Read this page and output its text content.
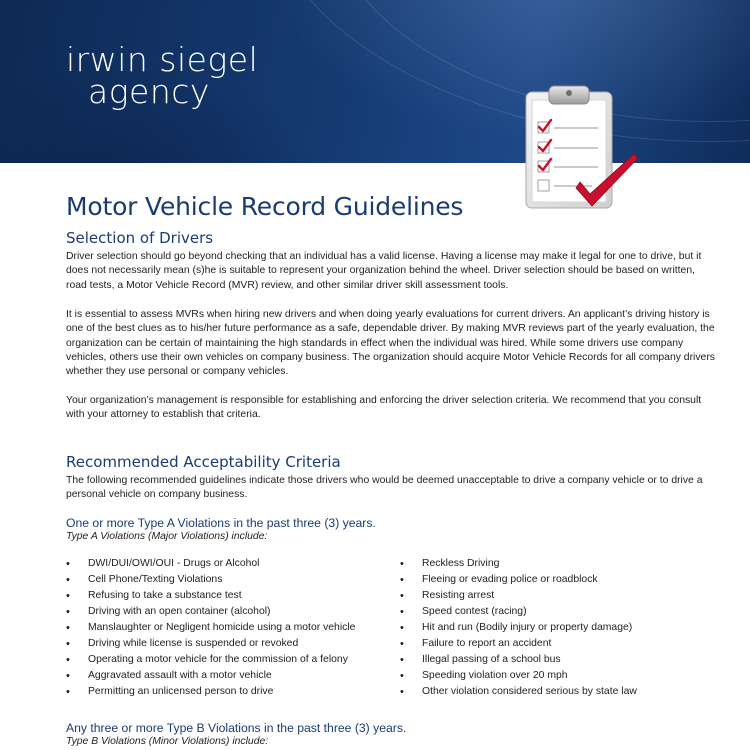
irwin siegel
agency
Motor Vehicle Record Guidelines
Selection of Drivers

Driver selection should go beyond checking that an individual has a valid license. Having a license may make it legal for one to drive, but it does not necessarily mean (s)he is suitable to represent your organization behind the wheel. Driver selection should be based on written, road tests, a Motor Vehicle Record (MVR) review, and other similar driver skill assessment tools.

It is essential to assess MVRs when hiring new drivers and when doing yearly evaluations for current drivers. An applicant’s driving history is one of the best clues as to his/her future performance as a safe, dependable driver. By making MVR reviews part of the yearly evaluation, the organization can be certain of maintaining the high standards in effect when the individual was hired. While some drivers use company vehicles, others use their own vehicles on company business. The organization should acquire Motor Vehicle Records for all company drivers whether they use personal or company vehicles.

Your organization’s management is responsible for establishing and enforcing the driver selection criteria. We recommend that you consult with your attorney to establish that criteria.

Recommended Acceptability Criteria

The following recommended guidelines indicate those drivers who would be deemed unacceptable to drive a company vehicle or to drive a personal vehicle on company business.

One or more Type A Violations in the past three (3) years.

Type A Violations (Major Violations) include:

• DWI/DUI/OWI/OUI - Drugs or Alcohol
• Cell Phone/Texting Violations
• Refusing to take a substance test
• Driving with an open container (alcohol)
• Manslaughter or Negligent homicide using a motor vehicle
• Driving while license is suspended or revoked
• Operating a motor vehicle for the commission of a felony
• Aggravated assault with a motor vehicle
• Permitting an unlicensed person to drive
• Reckless Driving
• Fleeing or evading police or roadblock
• Resisting arrest
• Speed contest (racing)
• Hit and run (Bodily injury or property damage)
• Failure to report an accident
• Illegal passing of a school bus
• Speeding violation over 20 mph
• Other violation considered serious by state law
Any three or more Type B Violations in the past three (3) years.

Type B Violations (Minor Violations) include:
